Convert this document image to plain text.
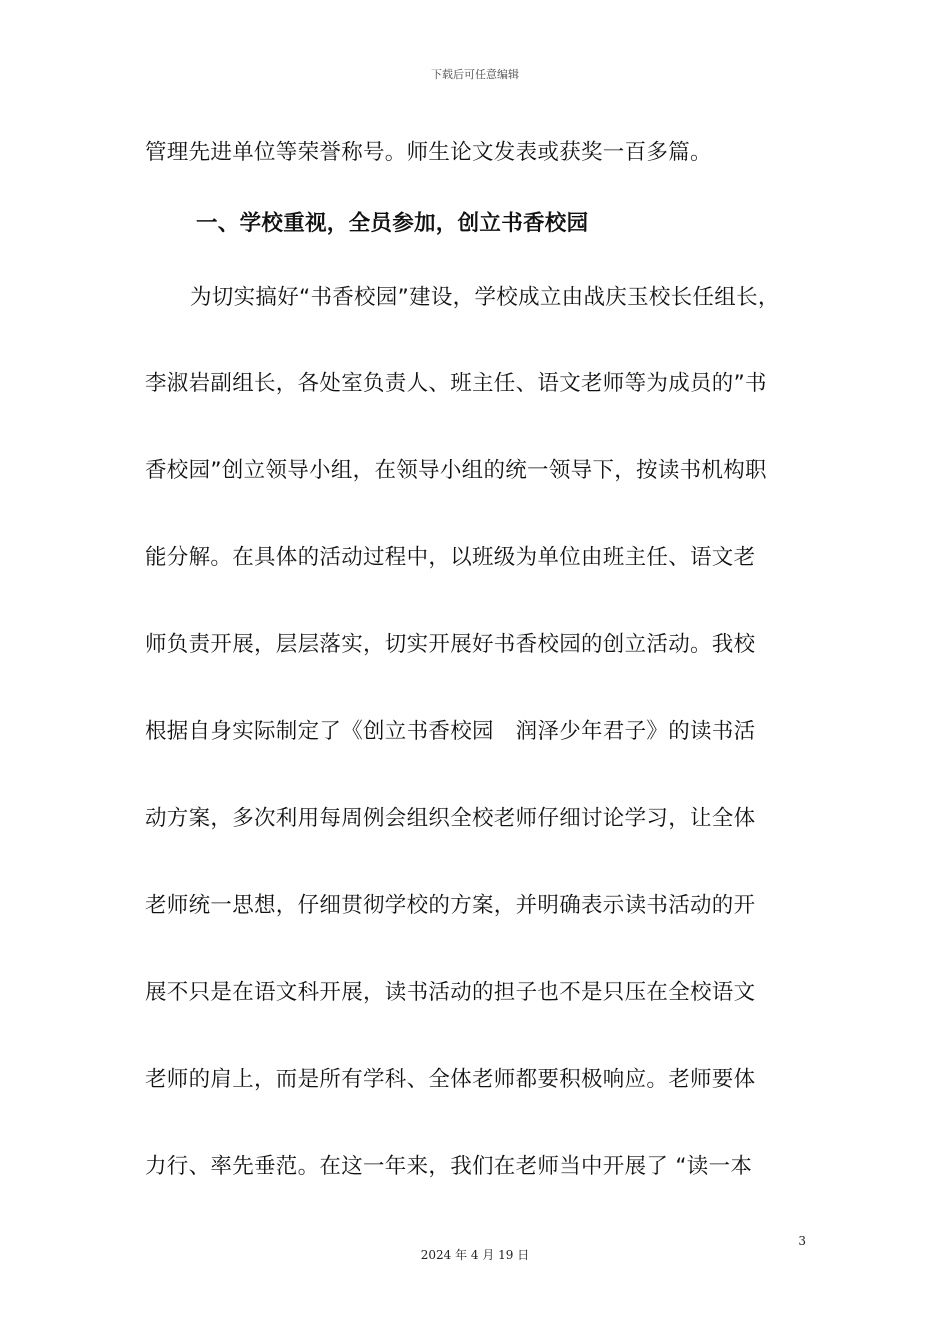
下载后可任意编辑
管理先进单位等荣誉称号。师生论文发表或获奖一百多篇。
一、学校重视，全员参加，创立书香校园
为切实搞好“书香校园”建设，学校成立由战庆玉校长任组长，
李淑岩副组长，各处室负责人、班主任、语文老师等为成员的”书
香校园”创立领导小组，在领导小组的统一领导下，按读书机构职
能分解。在具体的活动过程中，以班级为单位由班主任、语文老
师负责开展，层层落实，切实开展好书香校园的创立活动。我校
根据自身实际制定了《创立书香校园　润泽少年君子》的读书活
动方案，多次利用每周例会组织全校老师仔细讨论学习，让全体
老师统一思想，仔细贯彻学校的方案，并明确表示读书活动的开
展不只是在语文科开展，读书活动的担子也不是只压在全校语文
老师的肩上，而是所有学科、全体老师都要积极响应。老师要体
力行、率先垂范。在这一年来，我们在老师当中开展了 “读一本
3
2024 年 4 月 19 日
